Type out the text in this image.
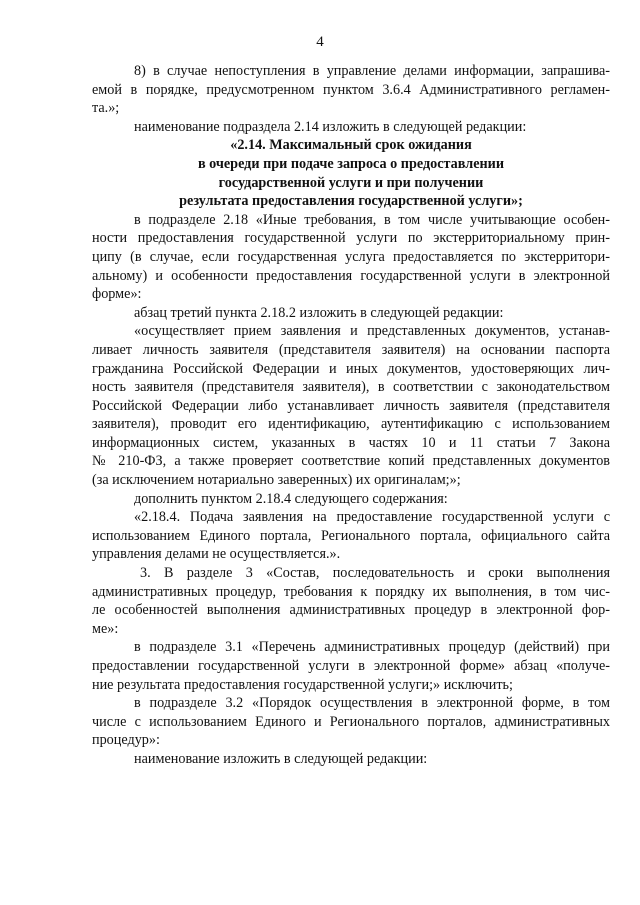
4
8) в случае непоступления в управление делами информации, запрашива-
емой в порядке, предусмотренном пунктом 3.6.4 Административного регламен-
та.»;
наименование подраздела 2.14 изложить в следующей редакции:
«2.14. Максимальный срок ожидания
в очереди при подаче запроса о предоставлении
государственной услуги и при получении
результата предоставления государственной услуги»;
в подразделе 2.18 «Иные требования, в том числе учитывающие особен-
ности предоставления государственной услуги по экстерриториальному прин-
ципу (в случае, если государственная услуга предоставляется по экстерритори-
альному) и особенности предоставления государственной услуги в электронной
форме»:
абзац третий пункта 2.18.2 изложить в следующей редакции:
«осуществляет прием заявления и представленных документов, устанав-
ливает личность заявителя (представителя заявителя) на основании паспорта
гражданина Российской Федерации и иных документов, удостоверяющих лич-
ность заявителя (представителя заявителя), в соответствии с законодательством
Российской Федерации либо устанавливает личность заявителя (представителя
заявителя), проводит его идентификацию, аутентификацию с использованием
информационных систем, указанных в частях 10 и 11 статьи 7 Закона
№ 210-ФЗ, а также проверяет соответствие копий представленных документов
(за исключением нотариально заверенных) их оригиналам;»;
дополнить пунктом 2.18.4 следующего содержания:
«2.18.4. Подача заявления на предоставление государственной услуги с
использованием Единого портала, Регионального портала, официального сайта
управления делами не осуществляется.».
3. В разделе 3 «Состав, последовательность и сроки выполнения
административных процедур, требования к порядку их выполнения, в том чис-
ле особенностей выполнения административных процедур в электронной фор-
ме»:
в подразделе 3.1 «Перечень административных процедур (действий) при
предоставлении государственной услуги в электронной форме» абзац «получе-
ние результата предоставления государственной услуги;» исключить;
в подразделе 3.2 «Порядок осуществления в электронной форме, в том
числе с использованием Единого и Регионального порталов, административных
процедур»:
наименование изложить в следующей редакции:
